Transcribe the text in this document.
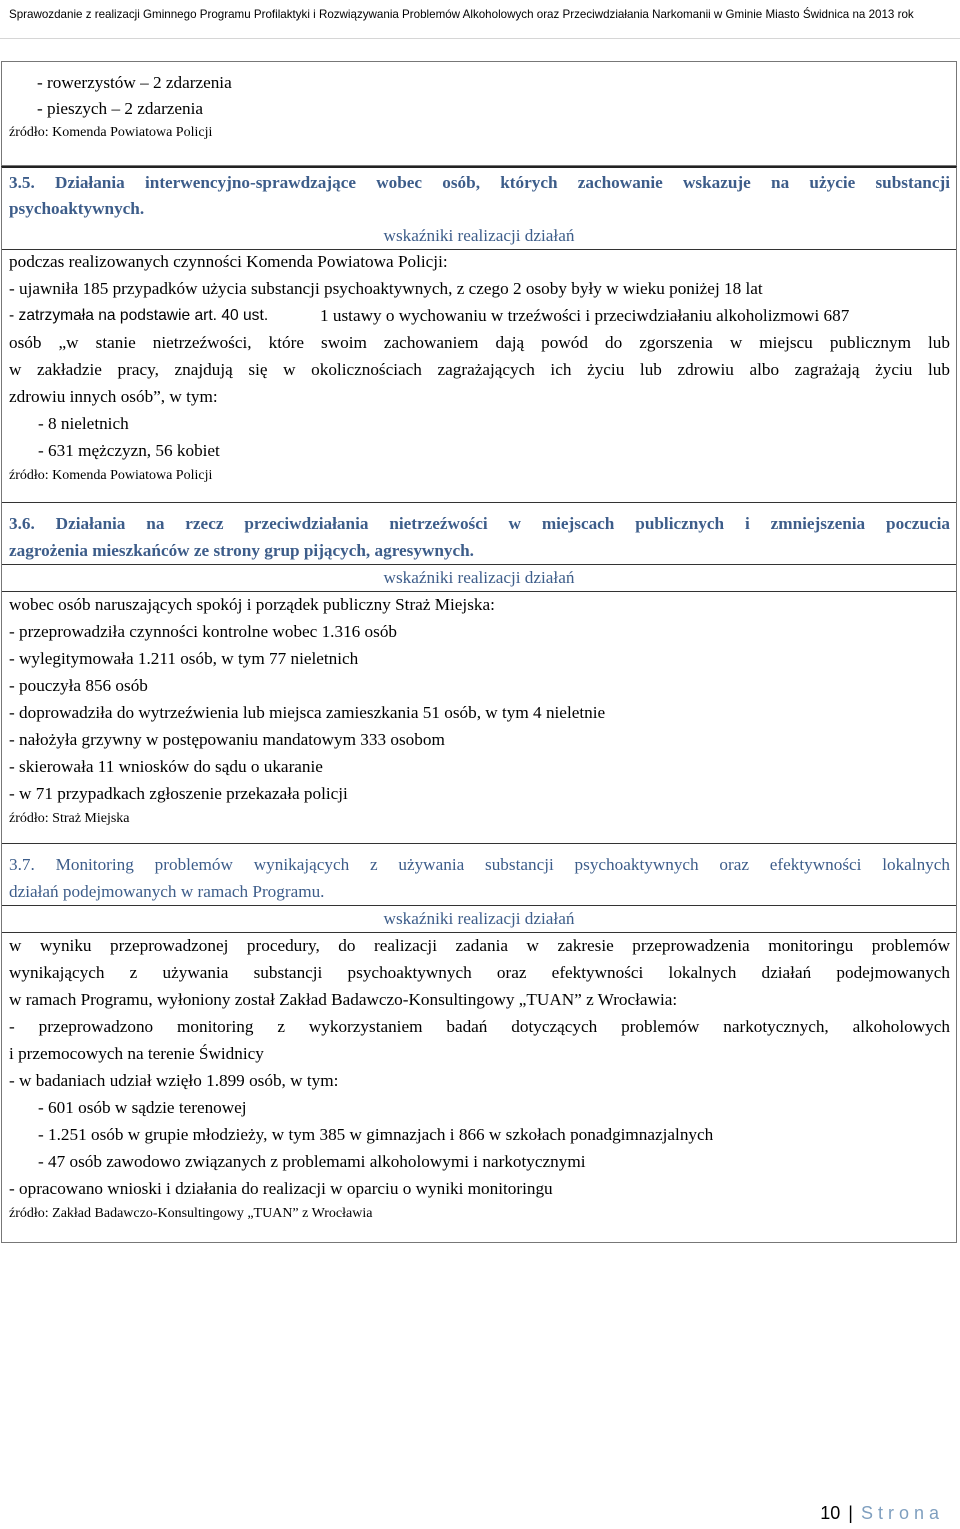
Sprawozdanie z realizacji Gminnego Programu Profilaktyki i Rozwiązywania Problemów Alkoholowych oraz Przeciwdziałania Narkomanii w Gminie Miasto Świdnica na 2013 rok
- rowerzystów – 2 zdarzenia
- pieszych – 2 zdarzenia
źródło: Komenda Powiatowa Policji
3.5. Działania interwencyjno-sprawdzające wobec osób, których zachowanie wskazuje na użycie substancji
psychoaktywnych.
wskaźniki realizacji działań
podczas realizowanych czynności Komenda Powiatowa Policji:
- ujawniła 185 przypadków użycia substancji psychoaktywnych, z czego 2 osoby były w wieku poniżej 18 lat
- zatrzymała na podstawie art. 40 ust.	1 ustawy o wychowaniu w trzeźwości i przeciwdziałaniu alkoholizmowi 687
osób „w stanie nietrzeźwości, które swoim zachowaniem dają powód do zgorszenia w miejscu publicznym lub
w zakładzie pracy, znajdują się w okolicznościach zagrażających ich życiu lub zdrowiu albo zagrażają życiu lub
zdrowiu innych osób”, w tym:
- 8 nieletnich
- 631 mężczyzn, 56 kobiet
źródło: Komenda Powiatowa Policji
3.6. Działania na rzecz przeciwdziałania nietrzeźwości w miejscach publicznych i zmniejszenia poczucia
zagrożenia mieszkańców ze strony grup pijących, agresywnych.
wskaźniki realizacji działań
wobec osób naruszających spokój i porządek publiczny Straż Miejska:
- przeprowadziła czynności kontrolne wobec 1.316 osób
- wylegitymowała 1.211 osób, w tym 77 nieletnich
- pouczyła 856 osób
- doprowadziła do wytrzeźwienia lub miejsca zamieszkania 51 osób, w tym 4 nieletnie
- nałożyła grzywny w postępowaniu mandatowym 333 osobom
- skierowała 11 wniosków do sądu o ukaranie
- w 71 przypadkach zgłoszenie przekazała policji
źródło: Straż Miejska
3.7. Monitoring problemów wynikających z używania substancji psychoaktywnych oraz efektywności lokalnych
działań podejmowanych w ramach Programu.
wskaźniki realizacji działań
w wyniku przeprowadzonej procedury, do realizacji zadania w zakresie przeprowadzenia monitoringu problemów
wynikających z używania substancji psychoaktywnych oraz efektywności lokalnych działań podejmowanych
w ramach Programu, wyłoniony został Zakład Badawczo-Konsultingowy „TUAN” z Wrocławia:
- przeprowadzono monitoring z wykorzystaniem badań dotyczących problemów narkotycznych, alkoholowych
i przemocowych na terenie Świdnicy
- w badaniach udział wzięło 1.899 osób, w tym:
- 601 osób w sądzie terenowej
- 1.251 osób w grupie młodzieży, w tym 385 w gimnazjach i 866 w szkołach ponadgimnazjalnych
- 47 osób zawodowo związanych z problemami alkoholowymi i narkotycznymi
- opracowano wnioski i działania do realizacji w oparciu o wyniki monitoringu
źródło: Zakład Badawczo-Konsultingowy „TUAN” z Wrocławia
10 | Strona
